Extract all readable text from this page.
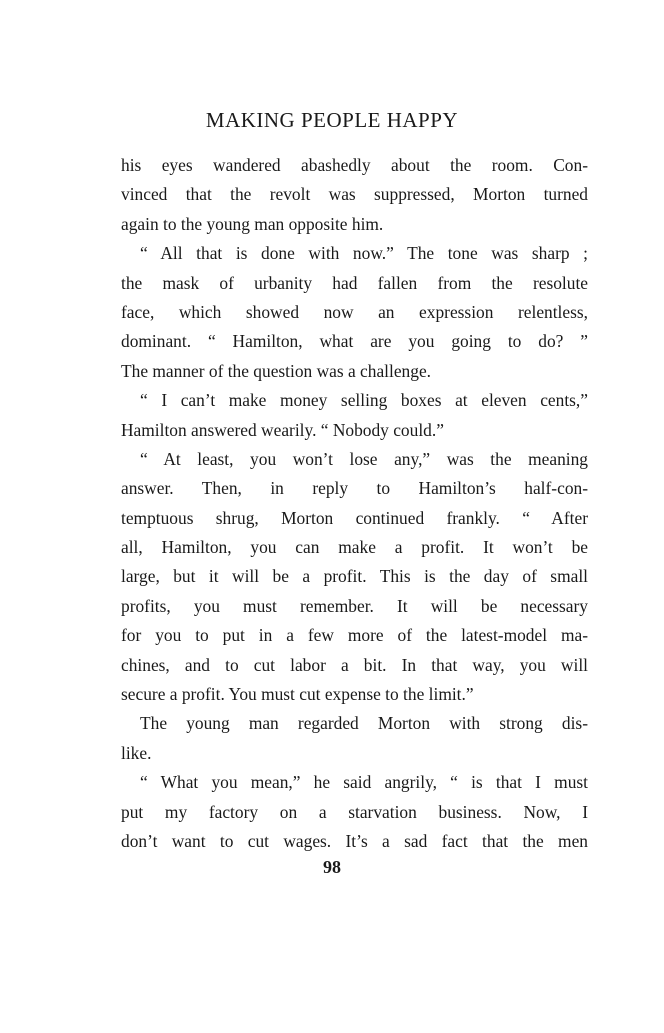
MAKING PEOPLE HAPPY
his eyes wandered abashedly about the room. Con-
vinced that the revolt was suppressed, Morton turned
again to the young man opposite him.
“ All that is done with now.” The tone was sharp ;
the mask of urbanity had fallen from the resolute
face, which showed now an expression relentless,
dominant. “ Hamilton, what are you going to do? ”
The manner of the question was a challenge.
“ I can’t make money selling boxes at eleven cents,”
Hamilton answered wearily. “ Nobody could.”
“ At least, you won’t lose any,” was the meaning
answer. Then, in reply to Hamilton’s half-con-
temptuous shrug, Morton continued frankly. “ After
all, Hamilton, you can make a profit. It won’t be
large, but it will be a profit. This is the day of small
profits, you must remember. It will be necessary
for you to put in a few more of the latest-model ma-
chines, and to cut labor a bit. In that way, you will
secure a profit. You must cut expense to the limit.”
The young man regarded Morton with strong dis-
like.
“ What you mean,” he said angrily, “ is that I must
put my factory on a starvation business. Now, I
don’t want to cut wages. It’s a sad fact that the men
98
